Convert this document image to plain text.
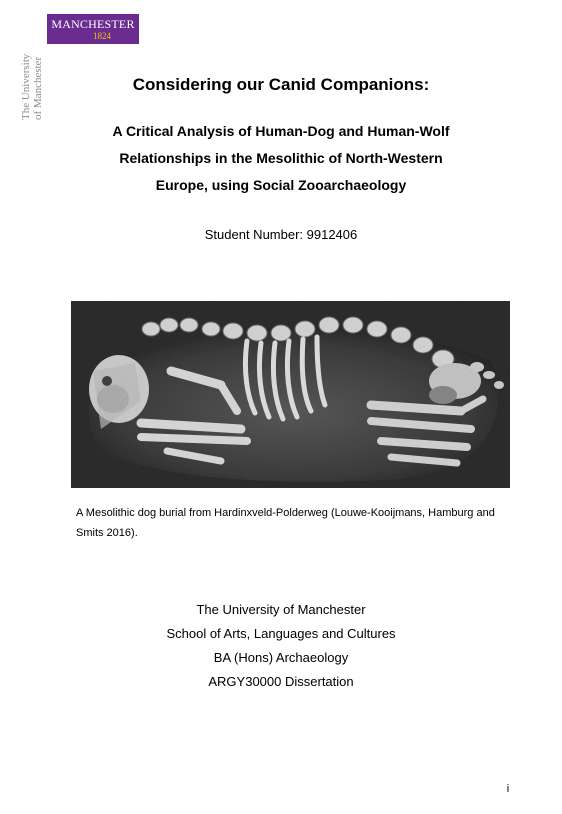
MANCHESTER
1824
The University of Manchester	Considering our Canid Companions:
A Critical Analysis of Human-Dog and Human-Wolf
Relationships in the Mesolithic of North-Western
Europe, using Social Zooarchaeology
Student Number: 9912406
A Mesolithic dog burial from Hardinxveld-Polderweg (Louwe-Kooijmans, Hamburg and Smits 2016).
The University of Manchester
School of Arts, Languages and Cultures
BA (Hons) Archaeology
ARGY30000 Dissertation
i
